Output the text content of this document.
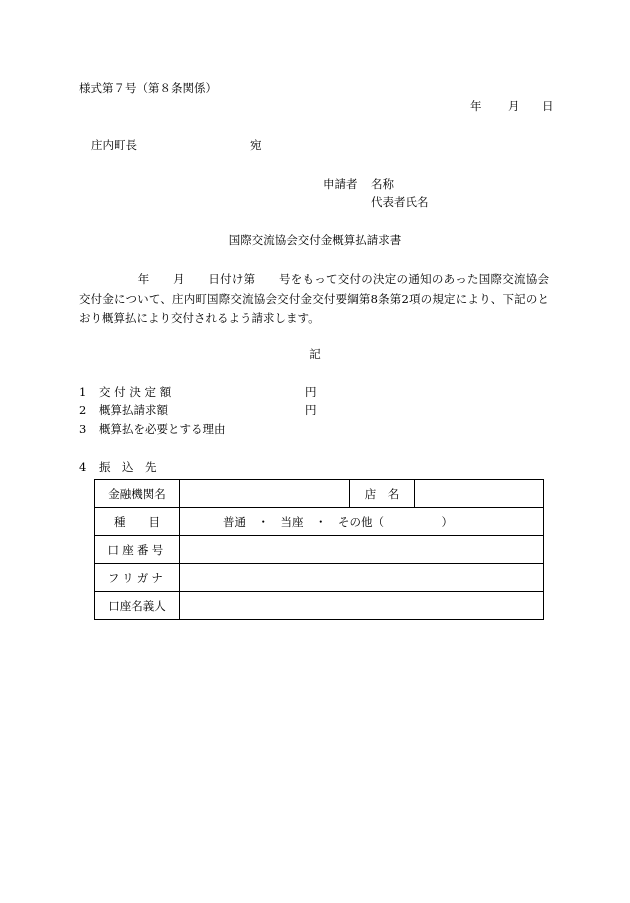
様式第７号（第８条関係）
年 月 日
庄内町長	宛
申請者 名称
代表者氏名
国際交流協会交付金概算払請求書
　　　　　年　　 月　　 日付け第　　 号をもって交付の決定の通知のあった国際交流協会交付金について、庄内町国際交流協会交付金交付要綱第8条第2項の規定により、下記のとおり概算払により交付されるよう請求します。
記
1 交付決定額	円
2 概算払請求額	円
3 概算払を必要とする理由
4 振　込　先
金融機関名		店　名	
種　　目	普通　・　当座　・　その他（　　　　　）		
口座番号			
フリガナ			
口座名義人			
